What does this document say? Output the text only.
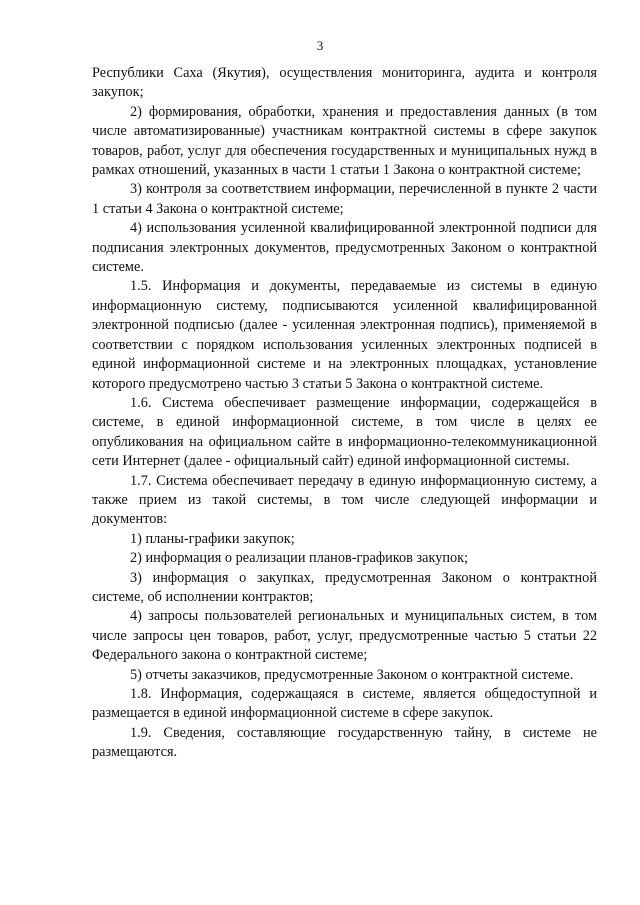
3

Республики Саха (Якутия), осуществления мониторинга, аудита и контроля закупок;

2) формирования, обработки, хранения и предоставления данных (в том числе автоматизированные) участникам контрактной системы в сфере закупок товаров, работ, услуг для обеспечения государственных и муниципальных нужд в рамках отношений, указанных в части 1 статьи 1 Закона о контрактной системе;

3) контроля за соответствием информации, перечисленной в пункте 2 части 1 статьи 4 Закона о контрактной системе;

4) использования усиленной квалифицированной электронной подписи для подписания электронных документов, предусмотренных Законом о контрактной системе.

1.5. Информация и документы, передаваемые из системы в единую информационную систему, подписываются усиленной квалифицированной электронной подписью (далее - усиленная электронная подпись), применяемой в соответствии с порядком использования усиленных электронных подписей в единой информационной системе и на электронных площадках, установление которого предусмотрено частью 3 статьи 5 Закона о контрактной системе.

1.6. Система обеспечивает размещение информации, содержащейся в системе, в единой информационной системе, в том числе в целях ее опубликования на официальном сайте в информационно-телекоммуникационной сети Интернет (далее - официальный сайт) единой информационной системы.

1.7. Система обеспечивает передачу в единую информационную систему, а также прием из такой системы, в том числе следующей информации и документов:

1) планы-графики закупок;

2) информация о реализации планов-графиков закупок;

3) информация о закупках, предусмотренная Законом о контрактной системе, об исполнении контрактов;

4) запросы пользователей региональных и муниципальных систем, в том числе запросы цен товаров, работ, услуг, предусмотренные частью 5 статьи 22 Федерального закона о контрактной системе;

5) отчеты заказчиков, предусмотренные Законом о контрактной системе.

1.8. Информация, содержащаяся в системе, является общедоступной и размещается в единой информационной системе в сфере закупок.

1.9. Сведения, составляющие государственную тайну, в системе не размещаются.
